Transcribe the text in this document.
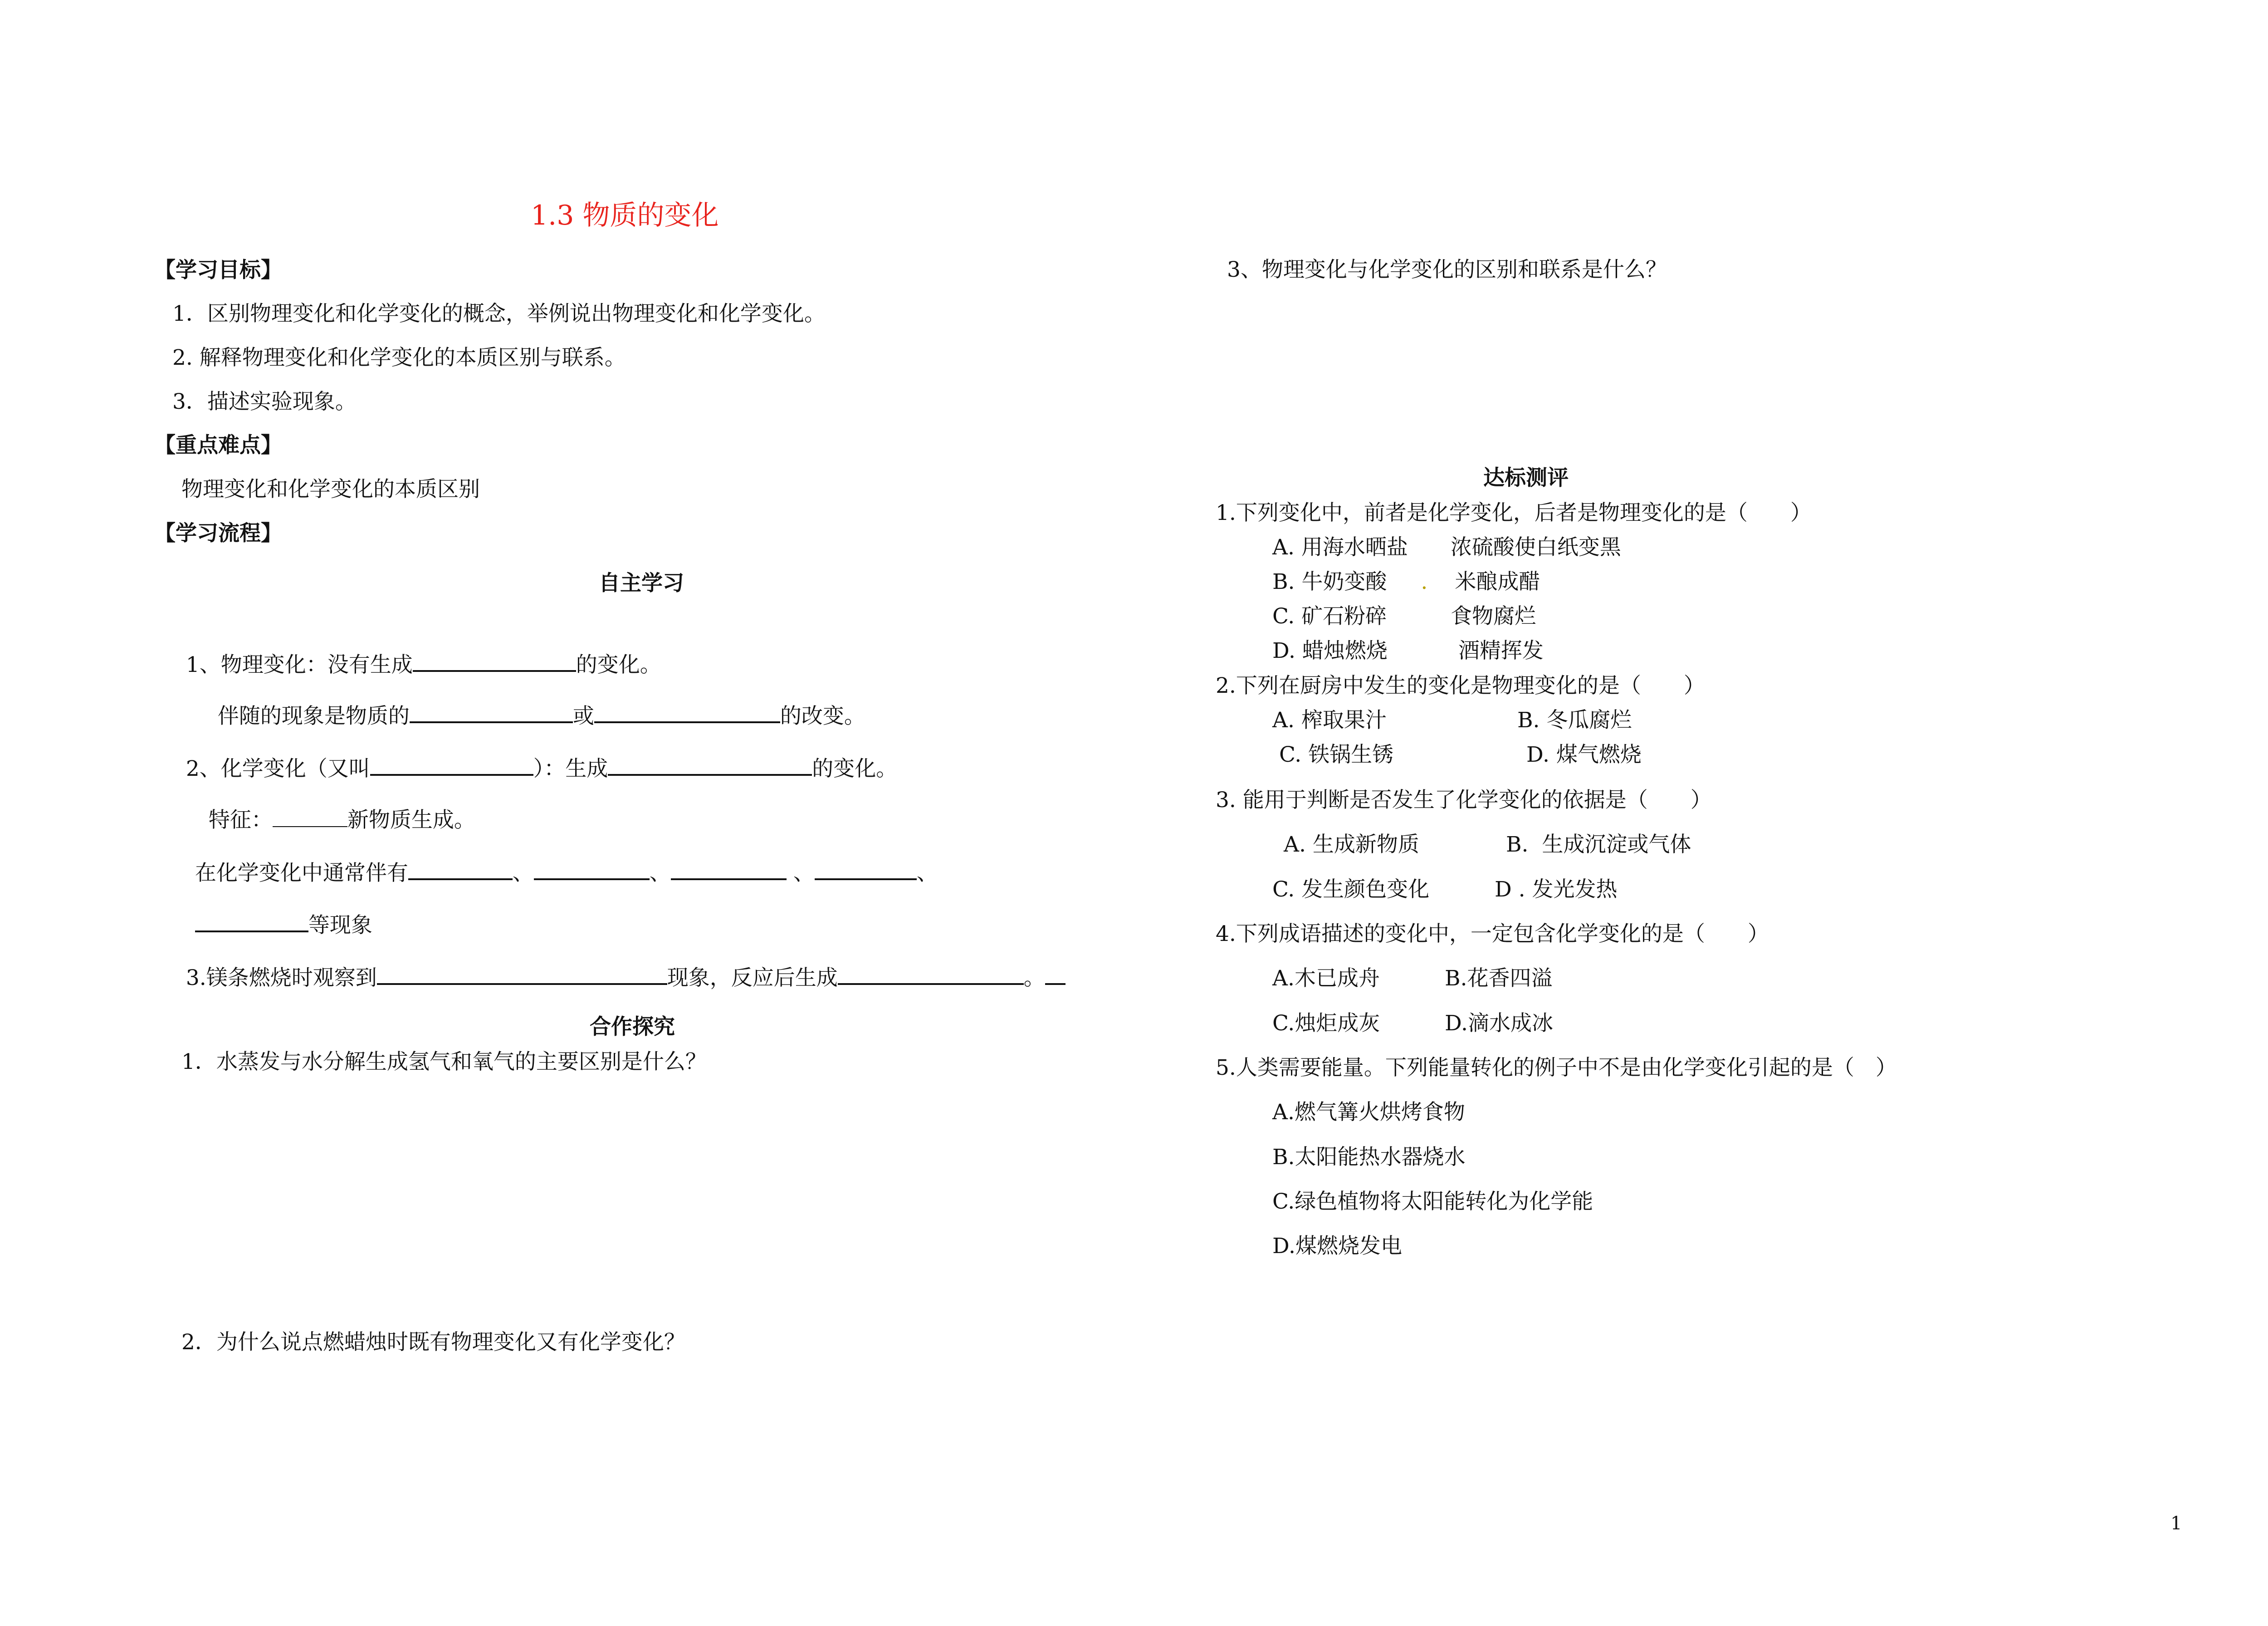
1.3 物质的变化
【学习目标】
1．区别物理变化和化学变化的概念，举例说出物理变化和化学变化。
2. 解释物理变化和化学变化的本质区别与联系。
3．描述实验现象。
【重点难点】
物理变化和化学变化的本质区别
【学习流程】
自主学习

1、物理变化：没有生成	的变化。

伴随的现象是物质的	或	的改变。

2、化学变化（又叫	）：生成	的变化。

特征：	新物质生成。

在化学变化中通常伴有	、	、	、	、

等现象

3.镁条燃烧时观察到	现象，反应后生成	。

合作探究
1．水蒸发与水分解生成氢气和氧气的主要区别是什么？
2．为什么说点燃蜡烛时既有物理变化又有化学变化？
3、物理变化与化学变化的区别和联系是什么？
达标测评
1.下列变化中，前者是化学变化，后者是物理变化的是（　　）
A. 用海水晒盐　　浓硫酸使白纸变黑
B. 牛奶变酸 . 米酿成醋
C. 矿石粉碎　　　食物腐烂
D. 蜡烛燃烧　　　 酒精挥发
2.下列在厨房中发生的变化是物理变化的是（　　）
A. 榨取果汁	B. 冬瓜腐烂
C. 铁锅生锈	D. 煤气燃烧
3. 能用于判断是否发生了化学变化的依据是（　　）
A. 生成新物质	B.  生成沉淀或气体
C. 发生颜色变化	D . 发光发热
4.下列成语描述的变化中，一定包含化学变化的是（　　）
A.木已成舟	B.花香四溢
C.烛炬成灰	D.滴水成冰
5.人类需要能量。下列能量转化的例子中不是由化学变化引起的是（　）
A.燃气篝火烘烤食物
B.太阳能热水器烧水
C.绿色植物将太阳能转化为化学能
D.煤燃烧发电
1
